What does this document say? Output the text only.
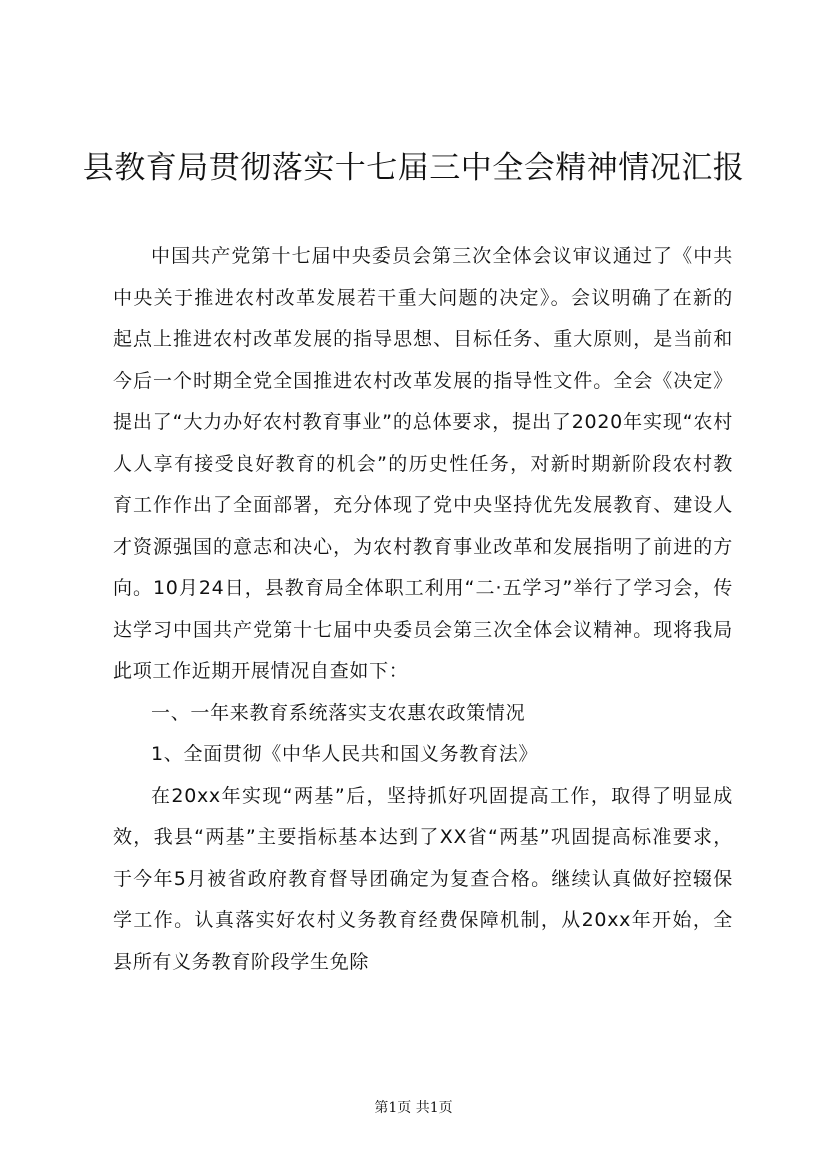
县教育局贯彻落实十七届三中全会精神情况汇报

中国共产党第十七届中央委员会第三次全体会议审议通过了《中共中央关于推进农村改革发展若干重大问题的决定》。会议明确了在新的起点上推进农村改革发展的指导思想、目标任务、重大原则，是当前和今后一个时期全党全国推进农村改革发展的指导性文件。全会《决定》提出了“大力办好农村教育事业”的总体要求，提出了2020年实现“农村人人享有接受良好教育的机会”的历史性任务，对新时期新阶段农村教育工作作出了全面部署，充分体现了党中央坚持优先发展教育、建设人才资源强国的意志和决心，为农村教育事业改革和发展指明了前进的方向。10月24日，县教育局全体职工利用“二·五学习”举行了学习会，传达学习中国共产党第十七届中央委员会第三次全体会议精神。现将我局此项工作近期开展情况自查如下：

一、一年来教育系统落实支农惠农政策情况

1、全面贯彻《中华人民共和国义务教育法》

在20xx年实现“两基”后，坚持抓好巩固提高工作，取得了明显成效，我县“两基”主要指标基本达到了XX省“两基”巩固提高标准要求，于今年5月被省政府教育督导团确定为复查合格。继续认真做好控辍保学工作。认真落实好农村义务教育经费保障机制，从20xx年开始，全县所有义务教育阶段学生免除

第1页 共1页
